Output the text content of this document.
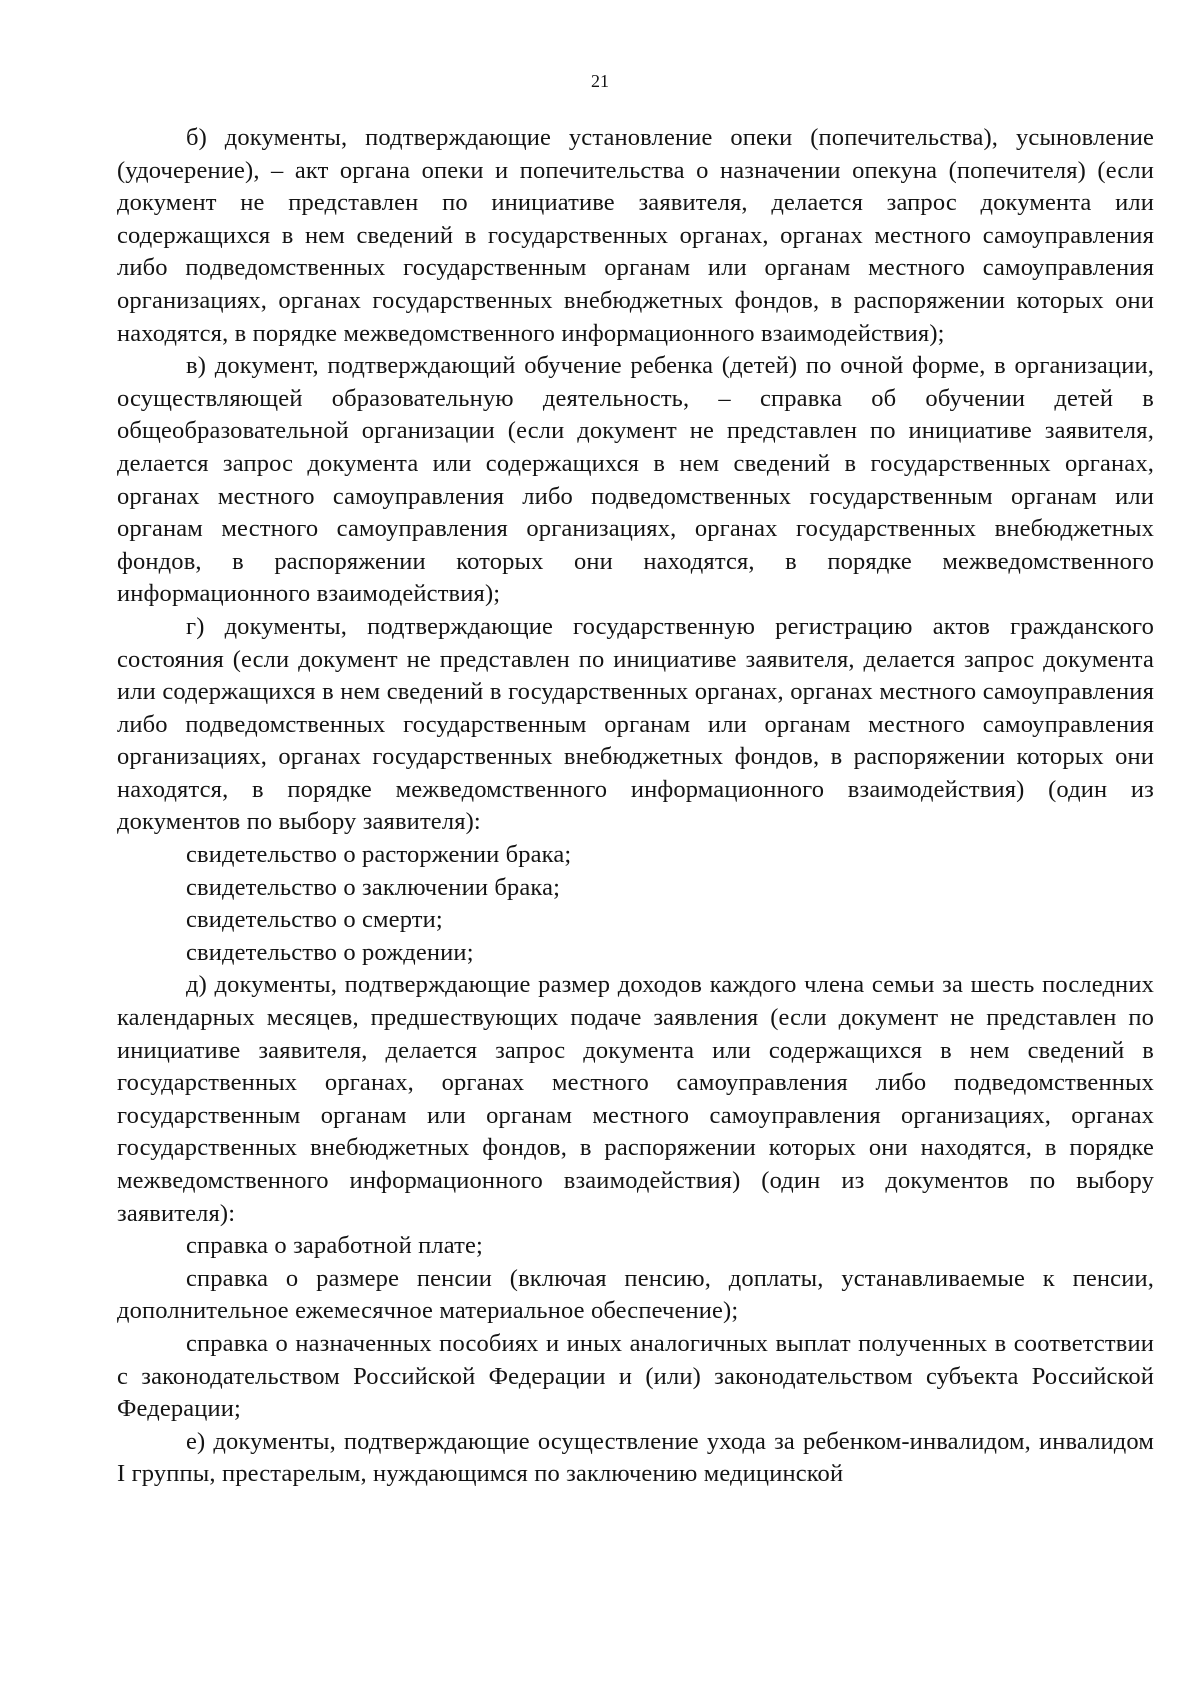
21

б) документы, подтверждающие установление опеки (попечительства), усыновление (удочерение), – акт органа опеки и попечительства о назначении опекуна (попечителя) (если документ не представлен по инициативе заявителя, делается запрос документа или содержащихся в нем сведений в государственных органах, органах местного самоуправления либо подведомственных государственным органам или органам местного самоуправления организациях, органах государственных внебюджетных фондов, в распоряжении которых они находятся, в порядке межведомственного информационного взаимодействия);

в) документ, подтверждающий обучение ребенка (детей) по очной форме, в организации, осуществляющей образовательную деятельность, – справка об обучении детей в общеобразовательной организации (если документ не представлен по инициативе заявителя, делается запрос документа или содержащихся в нем сведений в государственных органах, органах местного самоуправления либо подведомственных государственным органам или органам местного самоуправления организациях, органах государственных внебюджетных фондов, в распоряжении которых они находятся, в порядке межведомственного информационного взаимодействия);

г) документы, подтверждающие государственную регистрацию актов гражданского состояния (если документ не представлен по инициативе заявителя, делается запрос документа или содержащихся в нем сведений в государственных органах, органах местного самоуправления либо подведомственных государственным органам или органам местного самоуправления организациях, органах государственных внебюджетных фондов, в распоряжении которых они находятся, в порядке межведомственного информационного взаимодействия) (один из документов по выбору заявителя):

свидетельство о расторжении брака;

свидетельство о заключении брака;

свидетельство о смерти;

свидетельство о рождении;

д) документы, подтверждающие размер доходов каждого члена семьи за шесть последних календарных месяцев, предшествующих подаче заявления (если документ не представлен по инициативе заявителя, делается запрос документа или содержащихся в нем сведений в государственных органах, органах местного самоуправления либо подведомственных государственным органам или органам местного самоуправления организациях, органах государственных внебюджетных фондов, в распоряжении которых они находятся, в порядке межведомственного информационного взаимодействия) (один из документов по выбору заявителя):

справка о заработной плате;

справка о размере пенсии (включая пенсию, доплаты, устанавливаемые к пенсии, дополнительное ежемесячное материальное обеспечение);

справка о назначенных пособиях и иных аналогичных выплат полученных в соответствии с законодательством Российской Федерации и (или) законодательством субъекта Российской Федерации;

е) документы, подтверждающие осуществление ухода за ребенком-инвалидом, инвалидом I группы, престарелым, нуждающимся по заключению медицинской
